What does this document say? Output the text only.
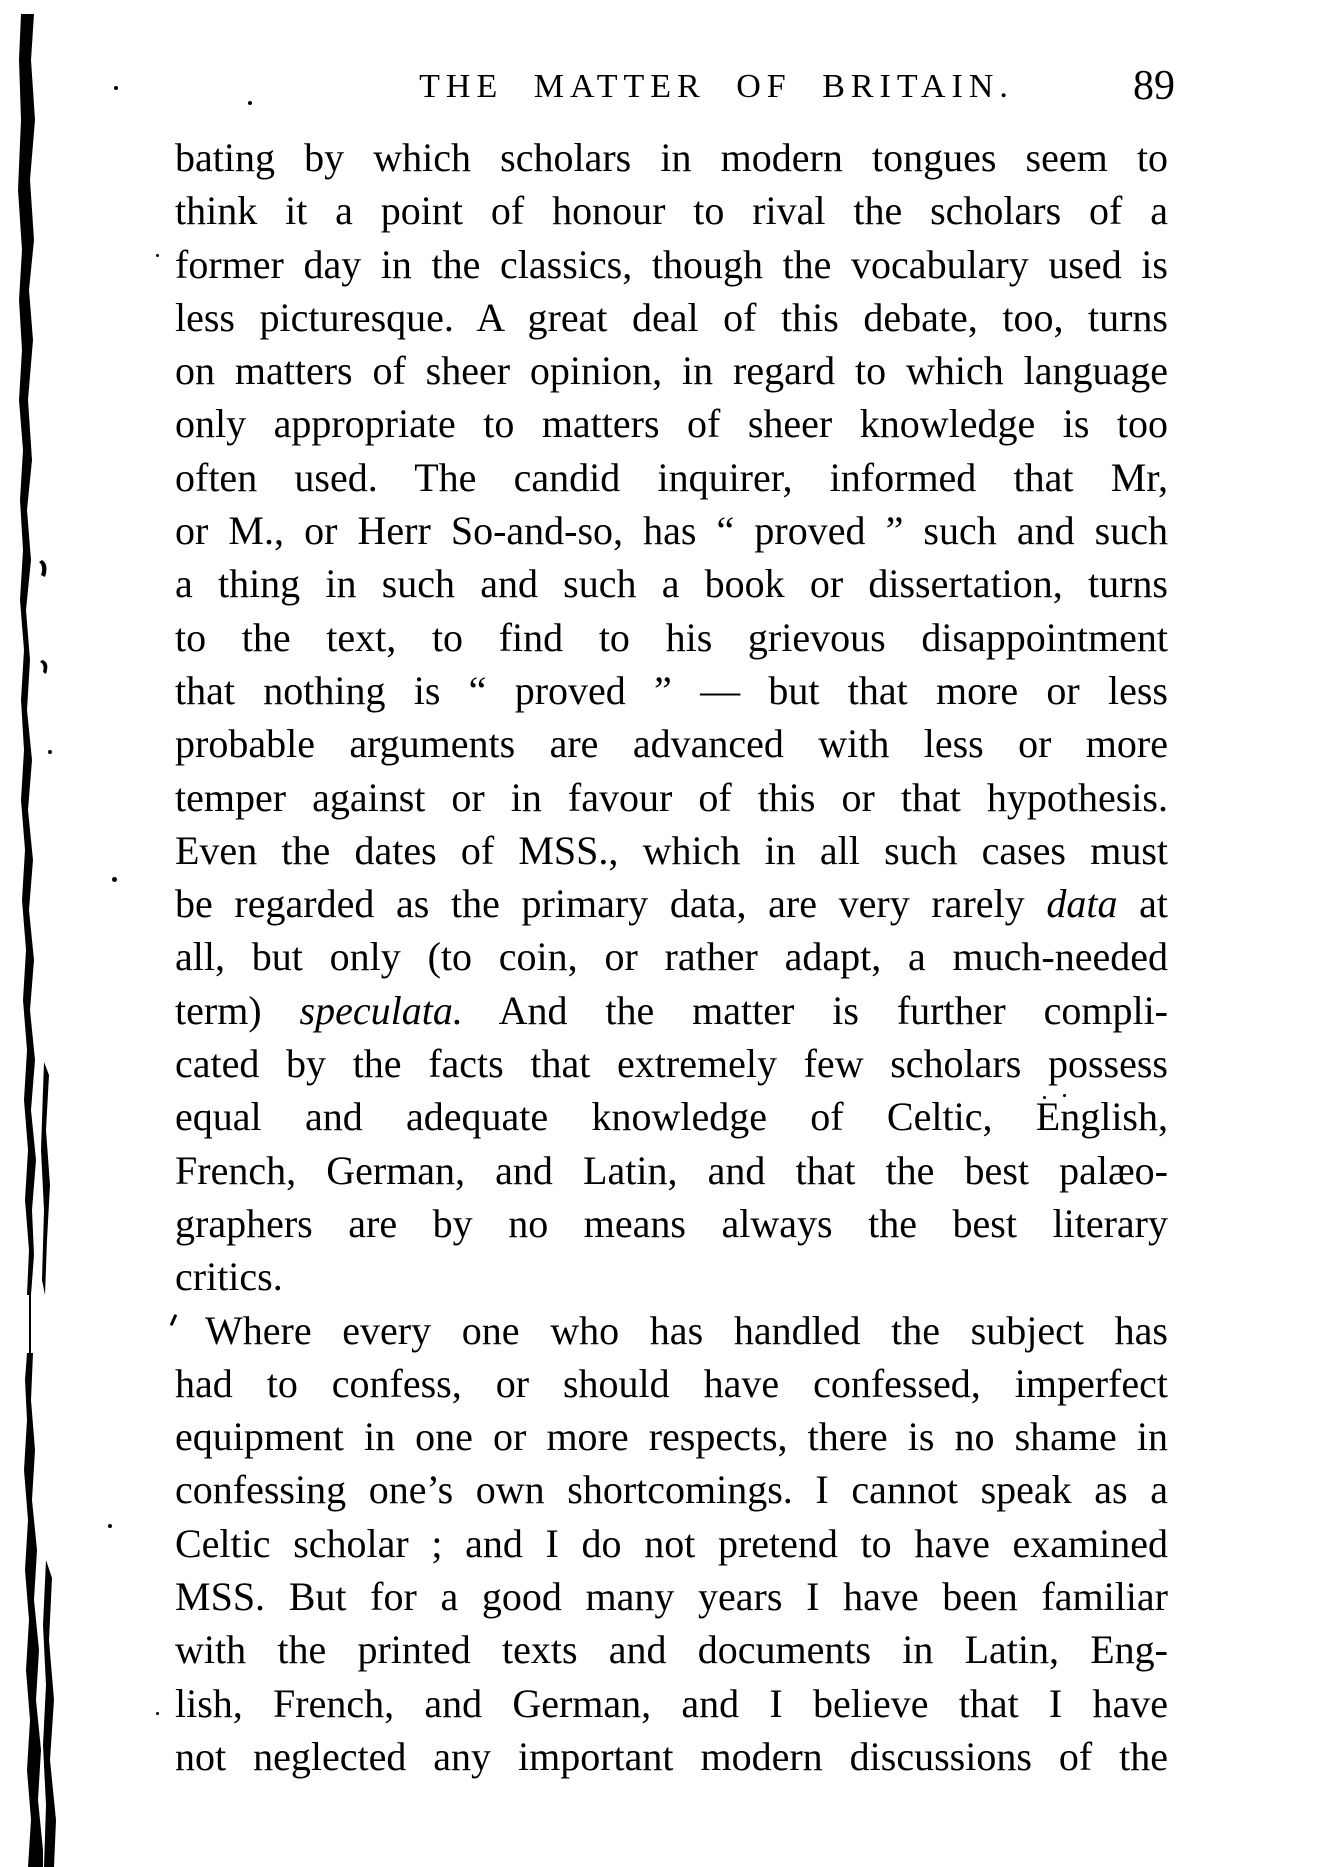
THE MATTER OF BRITAIN.	89
bating by which scholars in modern tongues seem to
think it a point of honour to rival the scholars of a
former day in the classics, though the vocabulary used is
less picturesque. A great deal of this debate, too, turns
on matters of sheer opinion, in regard to which language
only appropriate to matters of sheer knowledge is too
often used. The candid inquirer, informed that Mr,
or M., or Herr So-and-so, has “ proved ” such and such
a thing in such and such a book or dissertation, turns
to the text, to find to his grievous disappointment
that nothing is “ proved ” — but that more or less
probable arguments are advanced with less or more
temper against or in favour of this or that hypothesis.
Even the dates of MSS., which in all such cases must
be regarded as the primary data, are very rarely data at
all, but only (to coin, or rather adapt, a much-needed
term) speculata. And the matter is further compli-
cated by the facts that extremely few scholars possess
equal and adequate knowledge of Celtic, English,
French, German, and Latin, and that the best palæo-
graphers are by no means always the best literary
critics.
Where every one who has handled the subject has
had to confess, or should have confessed, imperfect
equipment in one or more respects, there is no shame in
confessing one’s own shortcomings. I cannot speak as a
Celtic scholar ; and I do not pretend to have examined
MSS. But for a good many years I have been familiar
with the printed texts and documents in Latin, Eng-
lish, French, and German, and I believe that I have
not neglected any important modern discussions of the
